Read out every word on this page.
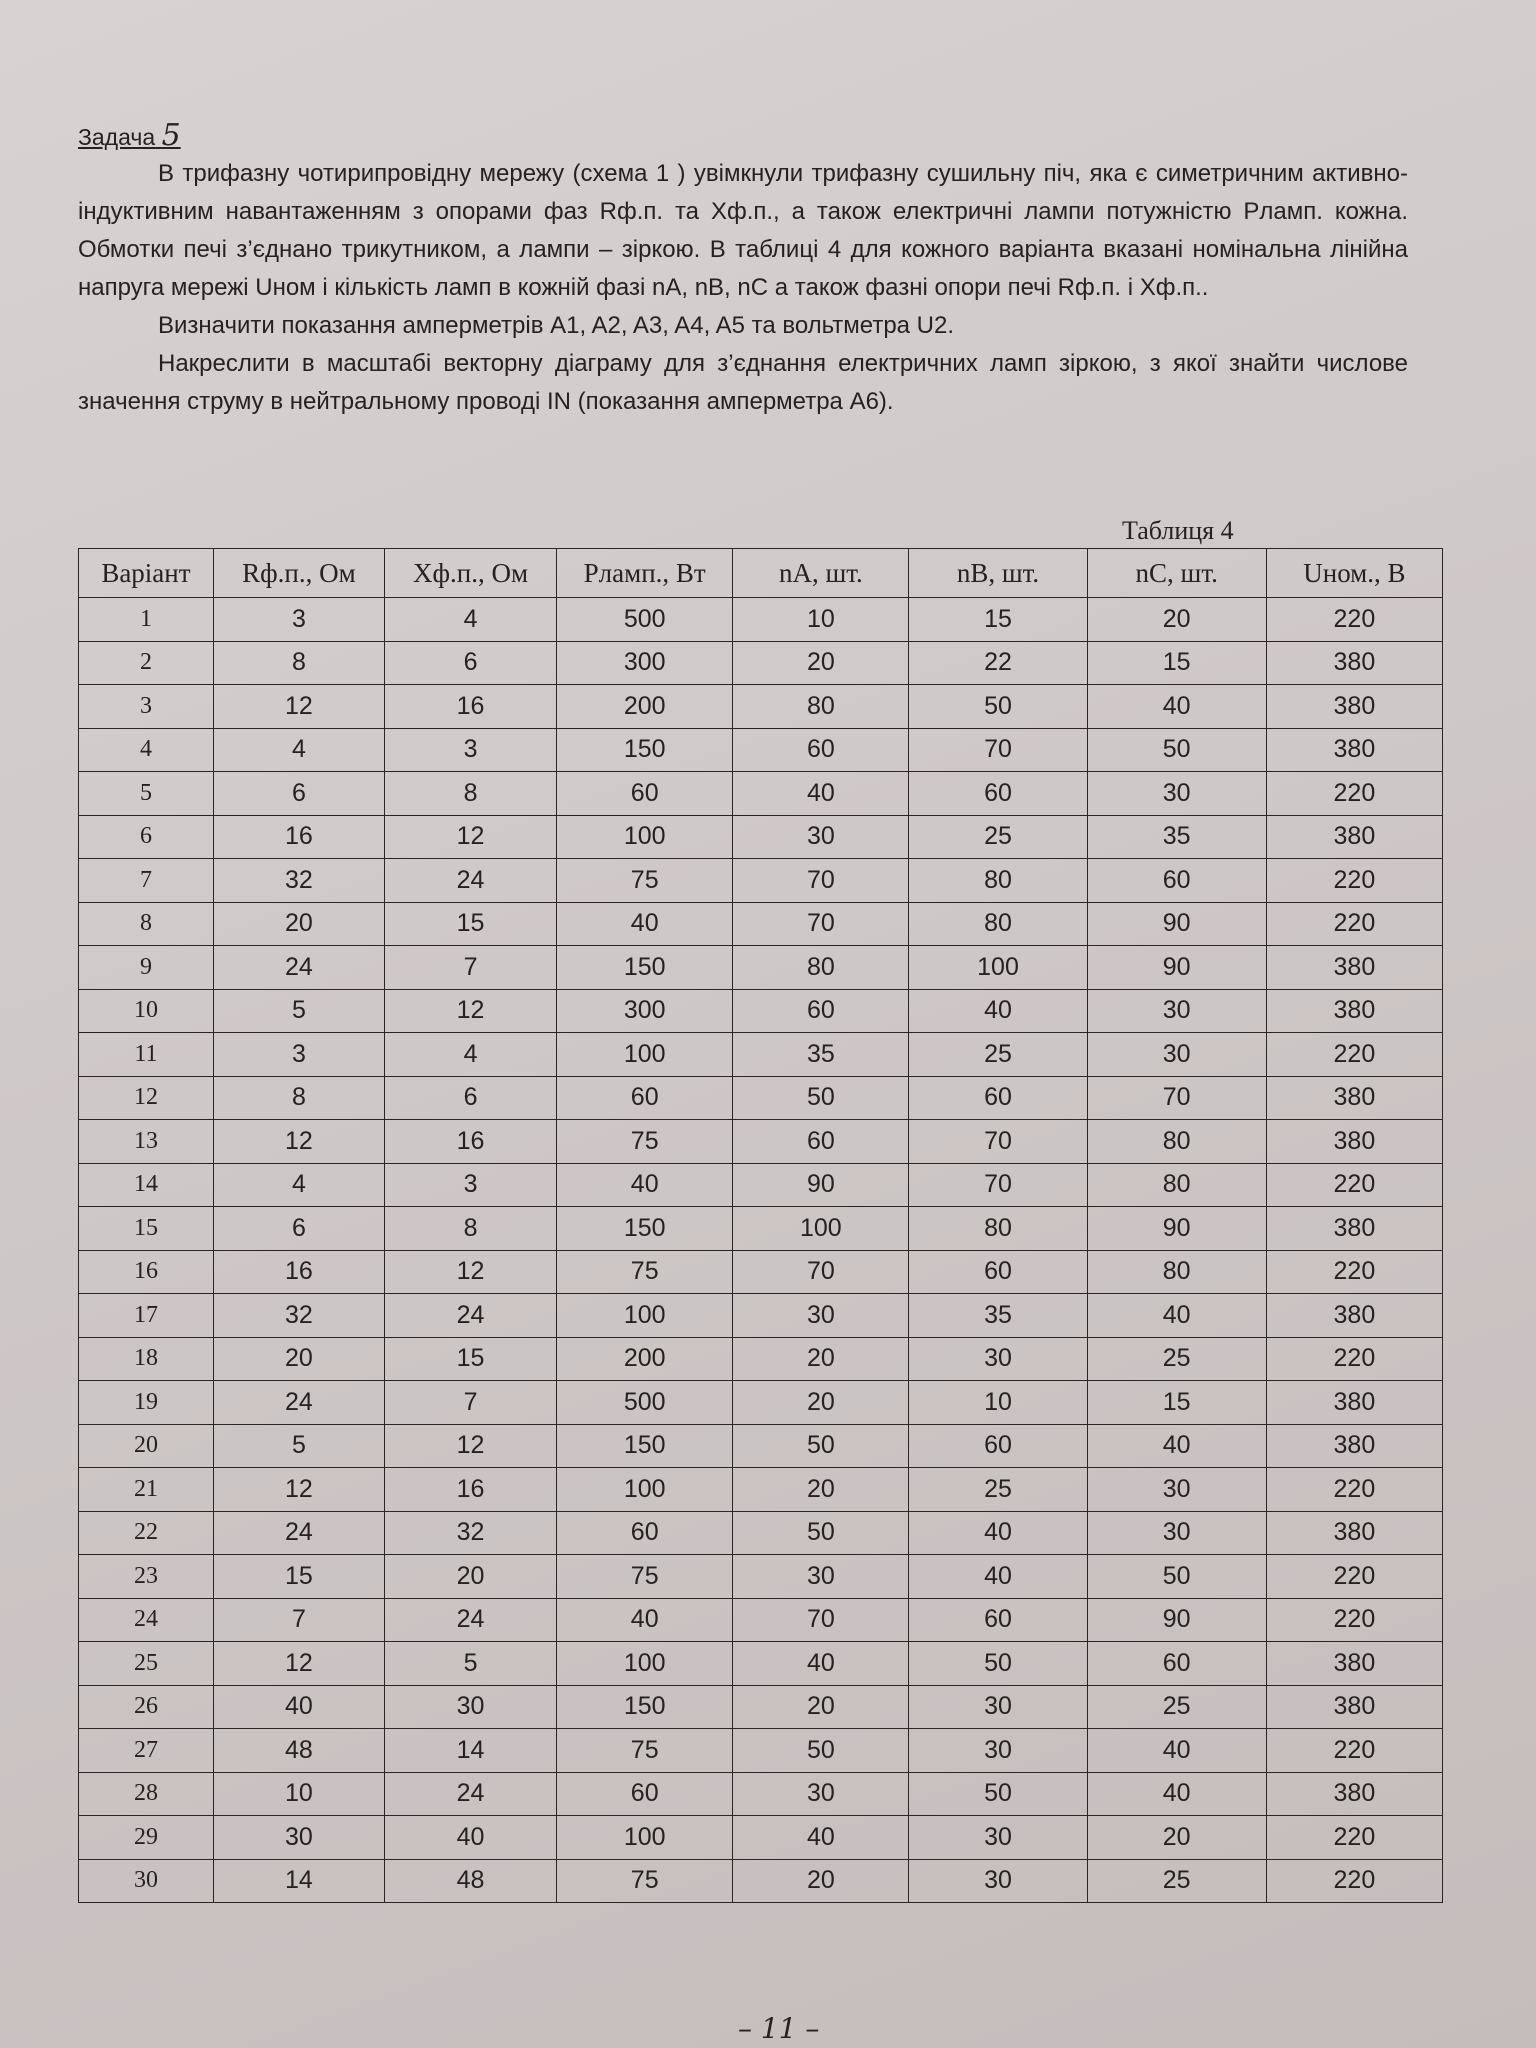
Задача 5

В трифазну чотирипровідну мережу (схема 1 ) увімкнули трифазну сушильну піч, яка є симетричним активно-індуктивним навантаженням з опорами фаз Rф.п. та Xф.п., а також електричні лампи потужністю Pламп. кожна. Обмотки печі з’єднано трикутником, а лампи – зіркою. В таблиці 4 для кожного варіанта вказані номінальна лінійна напруга мережі Uном і кількість ламп в кожній фазі nA, nB, nC а також фазні опори печі Rф.п. і Xф.п..

Визначити показання амперметрів A1, A2, A3, A4, A5 та вольтметра U2.

Накреслити в масштабі векторну діаграму для з’єднання електричних ламп зіркою, з якої знайти числове значення струму в нейтральному проводі IN (показання амперметра A6).

Таблиця 4
Варіант	Rф.п., Ом	Xф.п., Ом	Pламп., Вт	nA, шт.	nB, шт.	nC, шт.	Uном., В
1	3	4	500	10	15	20	220
2	8	6	300	20	22	15	380
3	12	16	200	80	50	40	380
4	4	3	150	60	70	50	380
5	6	8	60	40	60	30	220
6	16	12	100	30	25	35	380
7	32	24	75	70	80	60	220
8	20	15	40	70	80	90	220
9	24	7	150	80	100	90	380
10	5	12	300	60	40	30	380
11	3	4	100	35	25	30	220
12	8	6	60	50	60	70	380
13	12	16	75	60	70	80	380
14	4	3	40	90	70	80	220
15	6	8	150	100	80	90	380
16	16	12	75	70	60	80	220
17	32	24	100	30	35	40	380
18	20	15	200	20	30	25	220
19	24	7	500	20	10	15	380
20	5	12	150	50	60	40	380
21	12	16	100	20	25	30	220
22	24	32	60	50	40	30	380
23	15	20	75	30	40	50	220
24	7	24	40	70	60	90	220
25	12	5	100	40	50	60	380
26	40	30	150	20	30	25	380
27	48	14	75	50	30	40	220
28	10	24	60	30	50	40	380
29	30	40	100	40	30	20	220
30	14	48	75	20	30	25	220
– 11 –
